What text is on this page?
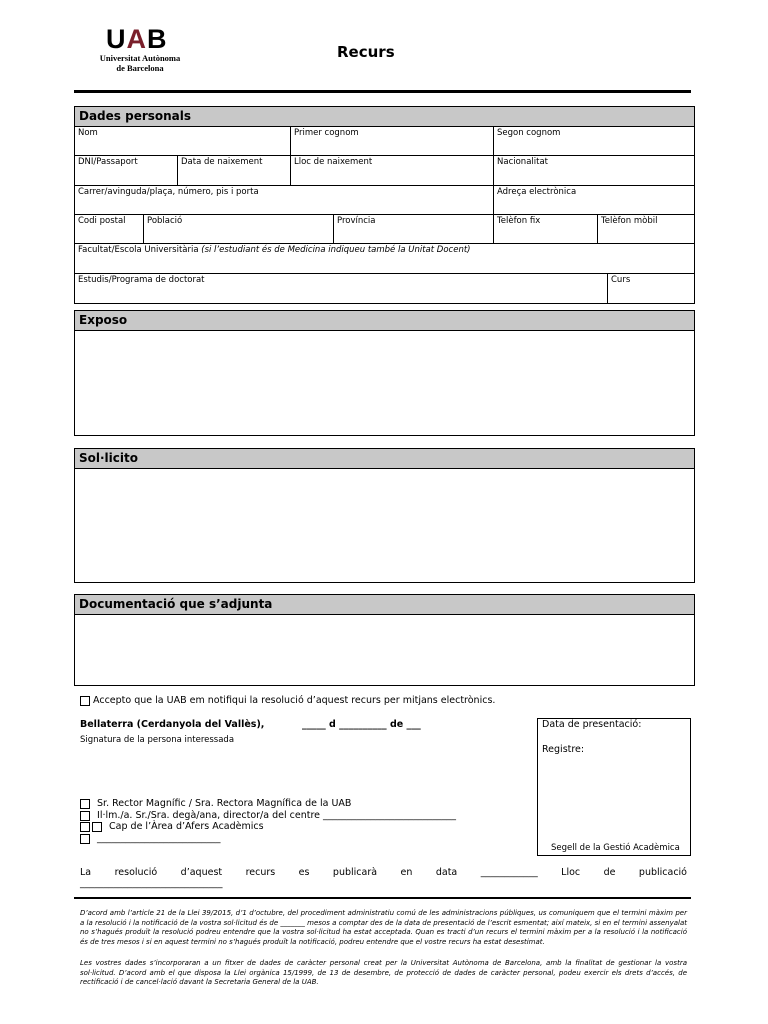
UAB
Universitat Autònoma
de Barcelona
Recurs
Dades personals
Nom	Primer cognom	Segon cognom
DNI/Passaport	Data de naixement	Lloc de naixement	Nacionalitat
Carrer/avinguda/plaça, número, pis i porta	Adreça electrònica
Codi postal	Població	Província	Telèfon fix	Telèfon mòbil
Facultat/Escola Universitària (si l’estudiant és de Medicina indiqueu també la Unitat Docent)
Estudis/Programa de doctorat	Curs
Exposo
Sol·licito
Documentació que s’adjunta
Accepto que la UAB em notifiqui la resolució d’aquest recurs per mitjans electrònics.
Bellaterra (Cerdanyola del Vallès),	_____ d __________ de ___
Signatura de la persona interessada
Data de presentació:
Registre:
Segell de la Gestió Acadèmica
Sr. Rector Magnífic / Sra. Rectora Magnífica de la UAB
Il·lm./a. Sr./Sra. degà/ana, director/a del centre ____________________________
Cap de l’Àrea d’Afers Acadèmics
__________________________
La resolució d’aquest recurs es publicarà en data ____________ Lloc de publicació
______________________________
D’acord amb l’article 21 de la Llei 39/2015, d’1 d’octubre, del procediment administratiu comú de les administracions públiques, us comuniquem que el termini màxim per a la resolució i la notificació de la vostra sol·licitud és de _______ mesos a comptar des de la data de presentació de l’escrit esmentat; així mateix, si en el termini assenyalat no s’hagués produït la resolució podreu entendre que la vostra sol·licitud ha estat acceptada. Quan es tracti d’un recurs el termini màxim per a la resolució i la notificació és de tres mesos i si en aquest termini no s’hagués produït la notificació, podreu entendre que el vostre recurs ha estat desestimat.
Les vostres dades s’incorporaran a un fitxer de dades de caràcter personal creat per la Universitat Autònoma de Barcelona, amb la finalitat de gestionar la vostra sol·licitud. D’acord amb el que disposa la Llei orgànica 15/1999, de 13 de desembre, de protecció de dades de caràcter personal, podeu exercir els drets d’accés, de rectificació i de cancel·lació davant la Secretaria General de la UAB.
